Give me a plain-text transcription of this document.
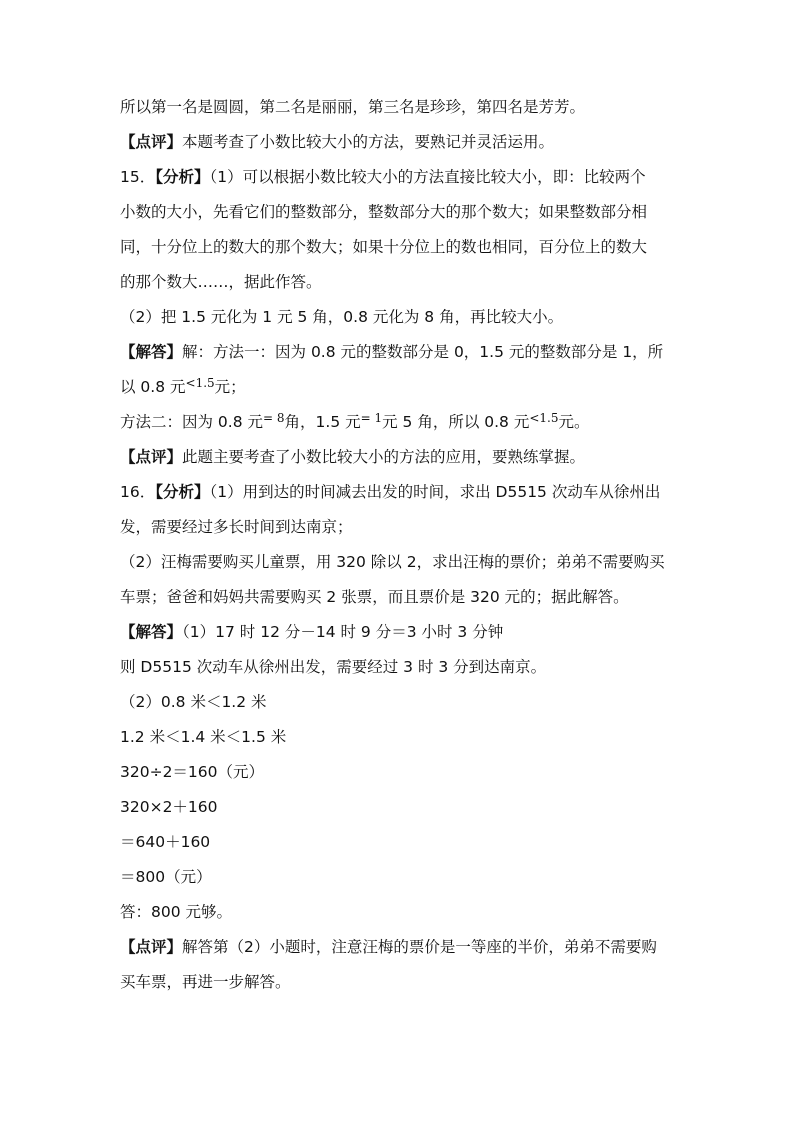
所以第一名是圆圆，第二名是丽丽，第三名是珍珍，第四名是芳芳。
【点评】本题考查了小数比较大小的方法，要熟记并灵活运用。
15．【分析】（1）可以根据小数比较大小的方法直接比较大小，即：比较两个
小数的大小，先看它们的整数部分，整数部分大的那个数大；如果整数部分相
同，十分位上的数大的那个数大；如果十分位上的数也相同，百分位上的数大
的那个数大……，据此作答。
（2）把 1.5 元化为 1 元 5 角，0.8 元化为 8 角，再比较大小。
【解答】解：方法一：因为 0.8 元的整数部分是 0，1.5 元的整数部分是 1，所
以 0.8 元$^{<1.5}$元；
方法二：因为 0.8 元$^{= 8}$角，1.5 元$^{= 1}$元 5 角，所以 0.8 元$^{<1.5}$元。
【点评】此题主要考查了小数比较大小的方法的应用，要熟练掌握。
16．【分析】（1）用到达的时间减去出发的时间，求出 D5515 次动车从徐州出
发，需要经过多长时间到达南京；
（2）汪梅需要购买儿童票，用 320 除以 2，求出汪梅的票价；弟弟不需要购买
车票；爸爸和妈妈共需要购买 2 张票，而且票价是 320 元的；据此解答。
【解答】（1）17 时 12 分－14 时 9 分＝3 小时 3 分钟
则 D5515 次动车从徐州出发，需要经过 3 时 3 分到达南京。
（2）0.8 米＜1.2 米
1.2 米＜1.4 米＜1.5 米
320÷2＝160（元）
320×2＋160
＝640＋160
＝800（元）
答：800 元够。
【点评】解答第（2）小题时，注意汪梅的票价是一等座的半价，弟弟不需要购
买车票，再进一步解答。
